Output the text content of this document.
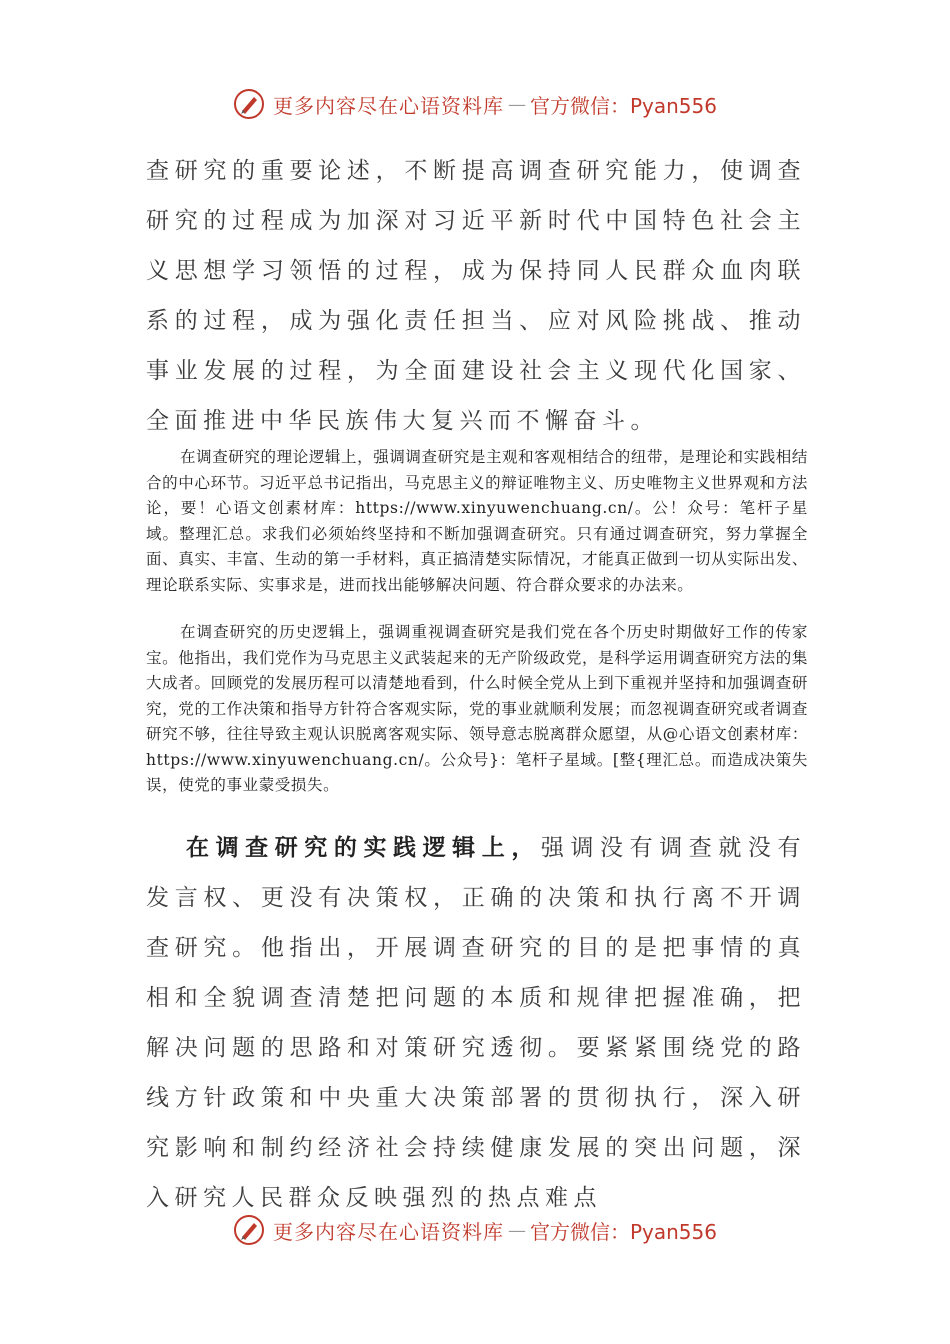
更多内容尽在心语资料库 — 官方微信：Pyan556
查研究的重要论述，不断提高调查研究能力，使调查研究的过程成为加深对习近平新时代中国特色社会主义思想学习领悟的过程，成为保持同人民群众血肉联系的过程，成为强化责任担当、应对风险挑战、推动事业发展的过程，为全面建设社会主义现代化国家、全面推进中华民族伟大复兴而不懈奋斗。
在调查研究的理论逻辑上，强调调查研究是主观和客观相结合的纽带，是理论和实践相结合的中心环节。习近平总书记指出，马克思主义的辩证唯物主义、历史唯物主义世界观和方法论，要！心语文创素材库：https://www.xinyuwenchuang.cn/。公！众号：笔杆子星域。整理汇总。求我们必须始终坚持和不断加强调查研究。只有通过调查研究，努力掌握全面、真实、丰富、生动的第一手材料，真正搞清楚实际情况，才能真正做到一切从实际出发、理论联系实际、实事求是，进而找出能够解决问题、符合群众要求的办法来。
在调查研究的历史逻辑上，强调重视调查研究是我们党在各个历史时期做好工作的传家宝。他指出，我们党作为马克思主义武装起来的无产阶级政党，是科学运用调查研究方法的集大成者。回顾党的发展历程可以清楚地看到，什么时候全党从上到下重视并坚持和加强调查研究，党的工作决策和指导方针符合客观实际，党的事业就顺利发展；而忽视调查研究或者调查研究不够，往往导致主观认识脱离客观实际、领导意志脱离群众愿望，从@心语文创素材库：https://www.xinyuwenchuang.cn/。公众号}：笔杆子星域。[整{理汇总。而造成决策失误，使党的事业蒙受损失。
在调查研究的实践逻辑上，强调没有调查就没有发言权、更没有决策权，正确的决策和执行离不开调查研究。他指出，开展调查研究的目的是把事情的真相和全貌调查清楚把问题的本质和规律把握准确，把解决问题的思路和对策研究透彻。要紧紧围绕党的路线方针政策和中央重大决策部署的贯彻执行，深入研究影响和制约经济社会持续健康发展的突出问题，深入研究人民群众反映强烈的热点难点
更多内容尽在心语资料库 — 官方微信：Pyan556
